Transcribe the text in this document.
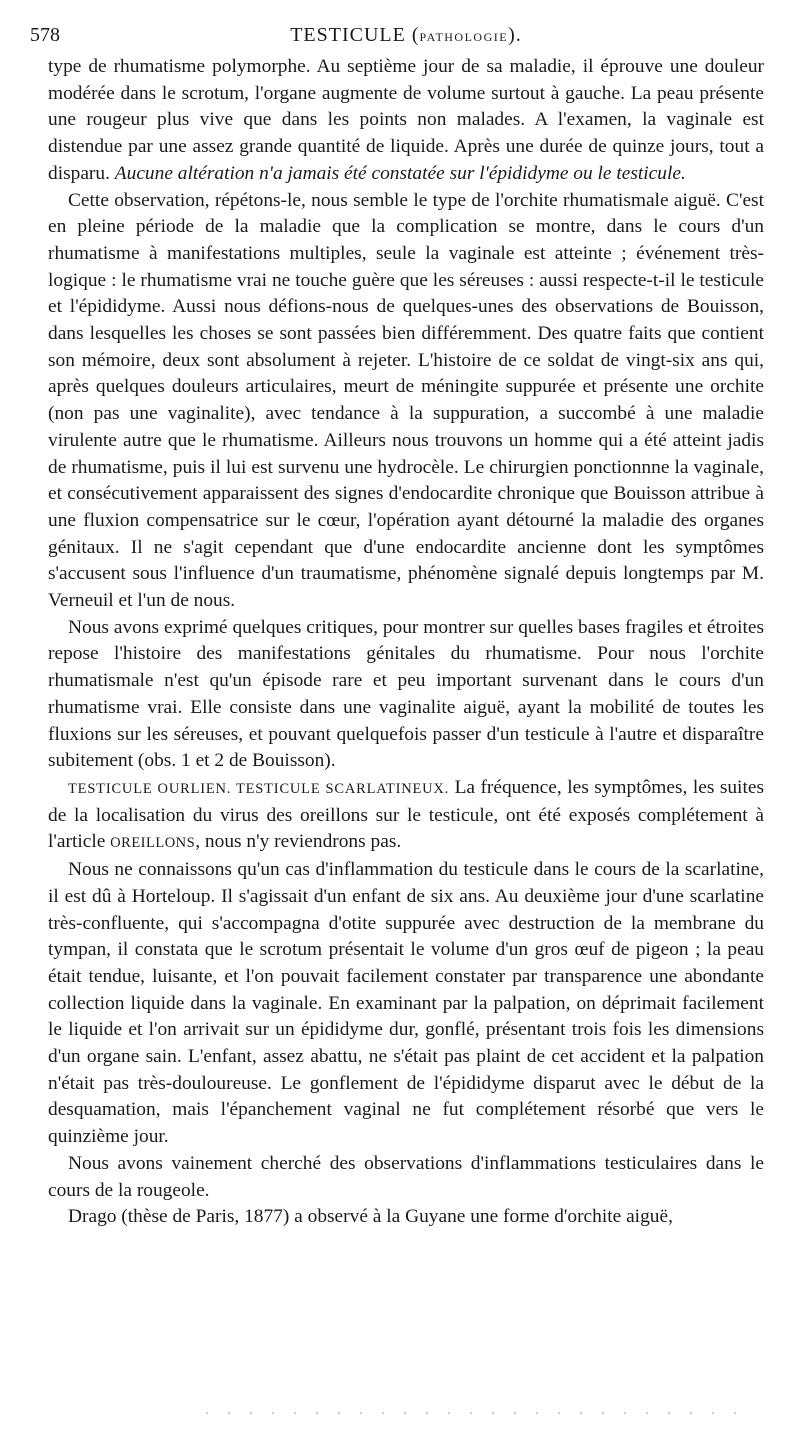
578	TESTICULE (PATHOLOGIE).

type de rhumatisme polymorphe. Au septième jour de sa maladie, il éprouve une douleur modérée dans le scrotum, l'organe augmente de volume surtout à gauche. La peau présente une rougeur plus vive que dans les points non malades. A l'examen, la vaginale est distendue par une assez grande quantité de liquide. Après une durée de quinze jours, tout a disparu. Aucune altération n'a jamais été constatée sur l'épididyme ou le testicule.

Cette observation, répétons-le, nous semble le type de l'orchite rhumatismale aiguë. C'est en pleine période de la maladie que la complication se montre, dans le cours d'un rhumatisme à manifestations multiples, seule la vaginale est atteinte ; événement très-logique : le rhumatisme vrai ne touche guère que les séreuses : aussi respecte-t-il le testicule et l'épididyme. Aussi nous défions-nous de quelques-unes des observations de Bouisson, dans lesquelles les choses se sont passées bien différemment. Des quatre faits que contient son mémoire, deux sont absolument à rejeter. L'histoire de ce soldat de vingt-six ans qui, après quelques douleurs articulaires, meurt de méningite suppurée et présente une orchite (non pas une vaginalite), avec tendance à la suppuration, a succombé à une maladie virulente autre que le rhumatisme. Ailleurs nous trouvons un homme qui a été atteint jadis de rhumatisme, puis il lui est survenu une hydrocèle. Le chirurgien ponctionnne la vaginale, et consécutivement apparaissent des signes d'endocardite chronique que Bouisson attribue à une fluxion compensatrice sur le cœur, l'opération ayant détourné la maladie des organes génitaux. Il ne s'agit cependant que d'une endocardite ancienne dont les symptômes s'accusent sous l'influence d'un traumatisme, phénomène signalé depuis longtemps par M. Verneuil et l'un de nous.

Nous avons exprimé quelques critiques, pour montrer sur quelles bases fragiles et étroites repose l'histoire des manifestations génitales du rhumatisme. Pour nous l'orchite rhumatismale n'est qu'un épisode rare et peu important survenant dans le cours d'un rhumatisme vrai. Elle consiste dans une vaginalite aiguë, ayant la mobilité de toutes les fluxions sur les séreuses, et pouvant quelquefois passer d'un testicule à l'autre et disparaître subitement (obs. 1 et 2 de Bouisson).

TESTICULE OURLIEN. TESTICULE SCARLATINEUX. La fréquence, les symptômes, les suites de la localisation du virus des oreillons sur le testicule, ont été exposés complétement à l'article OREILLONS, nous n'y reviendrons pas.

Nous ne connaissons qu'un cas d'inflammation du testicule dans le cours de la scarlatine, il est dû à Horteloup. Il s'agissait d'un enfant de six ans. Au deuxième jour d'une scarlatine très-confluente, qui s'accompagna d'otite suppurée avec destruction de la membrane du tympan, il constata que le scrotum présentait le volume d'un gros œuf de pigeon ; la peau était tendue, luisante, et l'on pouvait facilement constater par transparence une abondante collection liquide dans la vaginale. En examinant par la palpation, on déprimait facilement le liquide et l'on arrivait sur un épididyme dur, gonflé, présentant trois fois les dimensions d'un organe sain. L'enfant, assez abattu, ne s'était pas plaint de cet accident et la palpation n'était pas très-douloureuse. Le gonflement de l'épididyme disparut avec le début de la desquamation, mais l'épanchement vaginal ne fut complétement résorbé que vers le quinzième jour.

Nous avons vainement cherché des observations d'inflammations testiculaires dans le cours de la rougeole.

Drago (thèse de Paris, 1877) a observé à la Guyane une forme d'orchite aiguë,
